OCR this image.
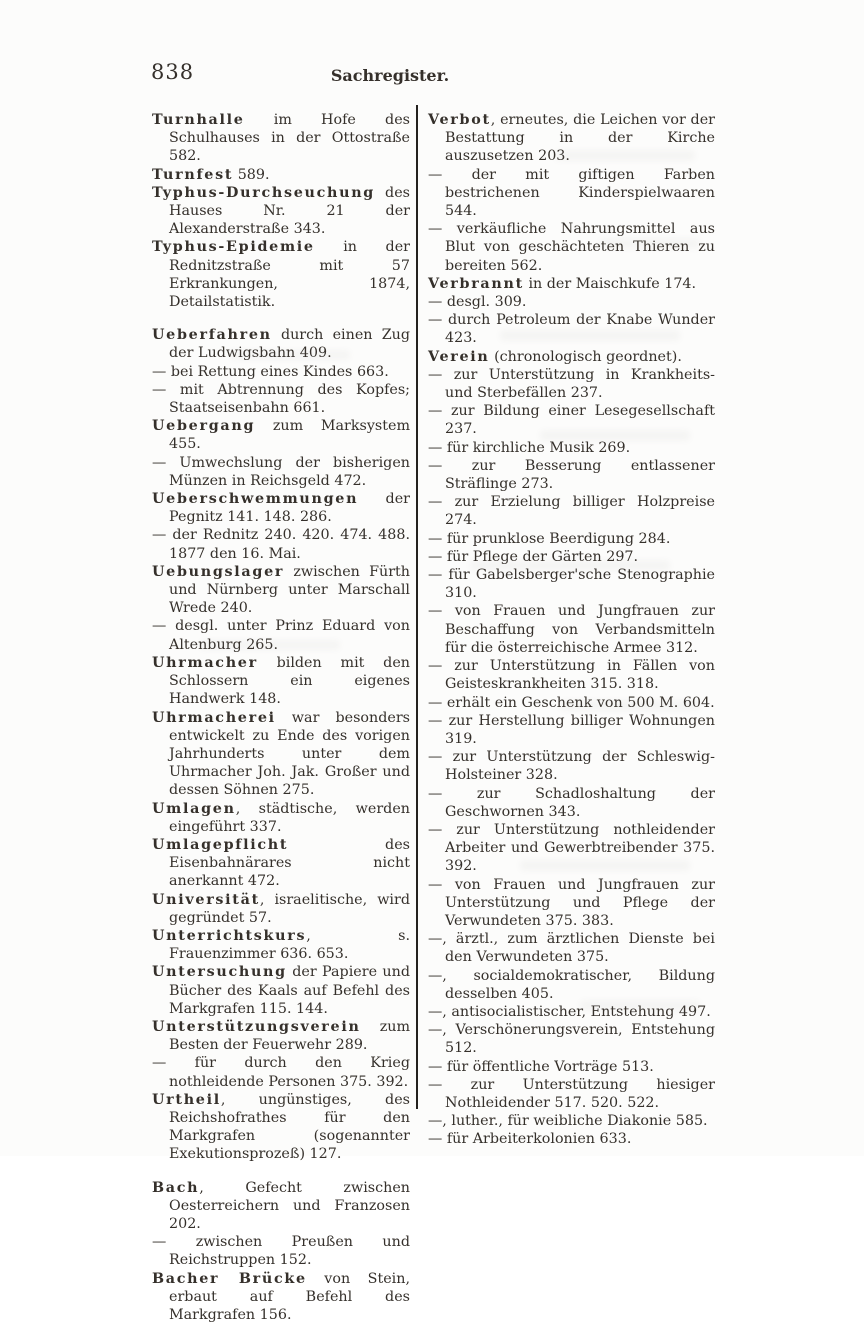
838	Sachregister.

Turnhalle im Hofe des Schulhauses in der Ottostraße 582.

Turnfest 589.

Typhus-Durchseuchung des Hauses Nr. 21 der Alexanderstraße 343.

Typhus-Epidemie in der Rednitzstraße mit 57 Erkrankungen, 1874, Detailstatistik.

Ueberfahren durch einen Zug der Ludwigsbahn 409.

— bei Rettung eines Kindes 663.

— mit Abtrennung des Kopfes; Staatseisenbahn 661.

Uebergang zum Marksystem 455.

— Umwechslung der bisherigen Münzen in Reichsgeld 472.

Ueberschwemmungen der Pegnitz 141. 148. 286.

— der Rednitz 240. 420. 474. 488. 1877 den 16. Mai.

Uebungslager zwischen Fürth und Nürnberg unter Marschall Wrede 240.

— desgl. unter Prinz Eduard von Altenburg 265.

Uhrmacher bilden mit den Schlossern ein eigenes Handwerk 148.

Uhrmacherei war besonders entwickelt zu Ende des vorigen Jahrhunderts unter dem Uhrmacher Joh. Jak. Großer und dessen Söhnen 275.

Umlagen, städtische, werden eingeführt 337.

Umlagepflicht des Eisenbahnärares nicht anerkannt 472.

Universität, israelitische, wird gegründet 57.

Unterrichtskurs, s. Frauenzimmer 636. 653.

Untersuchung der Papiere und Bücher des Kaals auf Befehl des Markgrafen 115. 144.

Unterstützungsverein zum Besten der Feuerwehr 289.

— für durch den Krieg nothleidende Personen 375. 392.

Urtheil, ungünstiges, des Reichshofrathes für den Markgrafen (sogenannter Exekutionsprozeß) 127.

Bach, Gefecht zwischen Oesterreichern und Franzosen 202.

— zwischen Preußen und Reichstruppen 152.

Bacher Brücke von Stein, erbaut auf Befehl des Markgrafen 156.

Verbot, erneutes, die Leichen vor der Bestattung in der Kirche auszusetzen 203.

— der mit giftigen Farben bestrichenen Kinderspielwaaren 544.

— verkäufliche Nahrungsmittel aus Blut von geschächteten Thieren zu bereiten 562.

Verbrannt in der Maischkufe 174.

— desgl. 309.

— durch Petroleum der Knabe Wunder 423.

Verein (chronologisch geordnet).

— zur Unterstützung in Krankheits- und Sterbefällen 237.

— zur Bildung einer Lesegesellschaft 237.

— für kirchliche Musik 269.

— zur Besserung entlassener Sträflinge 273.

— zur Erzielung billiger Holzpreise 274.

— für prunklose Beerdigung 284.

— für Pflege der Gärten 297.

— für Gabelsberger'sche Stenographie 310.

— von Frauen und Jungfrauen zur Beschaffung von Verbandsmitteln für die österreichische Armee 312.

— zur Unterstützung in Fällen von Geisteskrankheiten 315. 318.

— erhält ein Geschenk von 500 M. 604.

— zur Herstellung billiger Wohnungen 319.

— zur Unterstützung der Schleswig-Holsteiner 328.

— zur Schadloshaltung der Geschwornen 343.

— zur Unterstützung nothleidender Arbeiter und Gewerbtreibender 375. 392.

— von Frauen und Jungfrauen zur Unterstützung und Pflege der Verwundeten 375. 383.

—, ärztl., zum ärztlichen Dienste bei den Verwundeten 375.

—, socialdemokratischer, Bildung desselben 405.

—, antisocialistischer, Entstehung 497.

—, Verschönerungsverein, Entstehung 512.

— für öffentliche Vorträge 513.

— zur Unterstützung hiesiger Nothleidender 517. 520. 522.

—, luther., für weibliche Diakonie 585.

— für Arbeiterkolonien 633.
